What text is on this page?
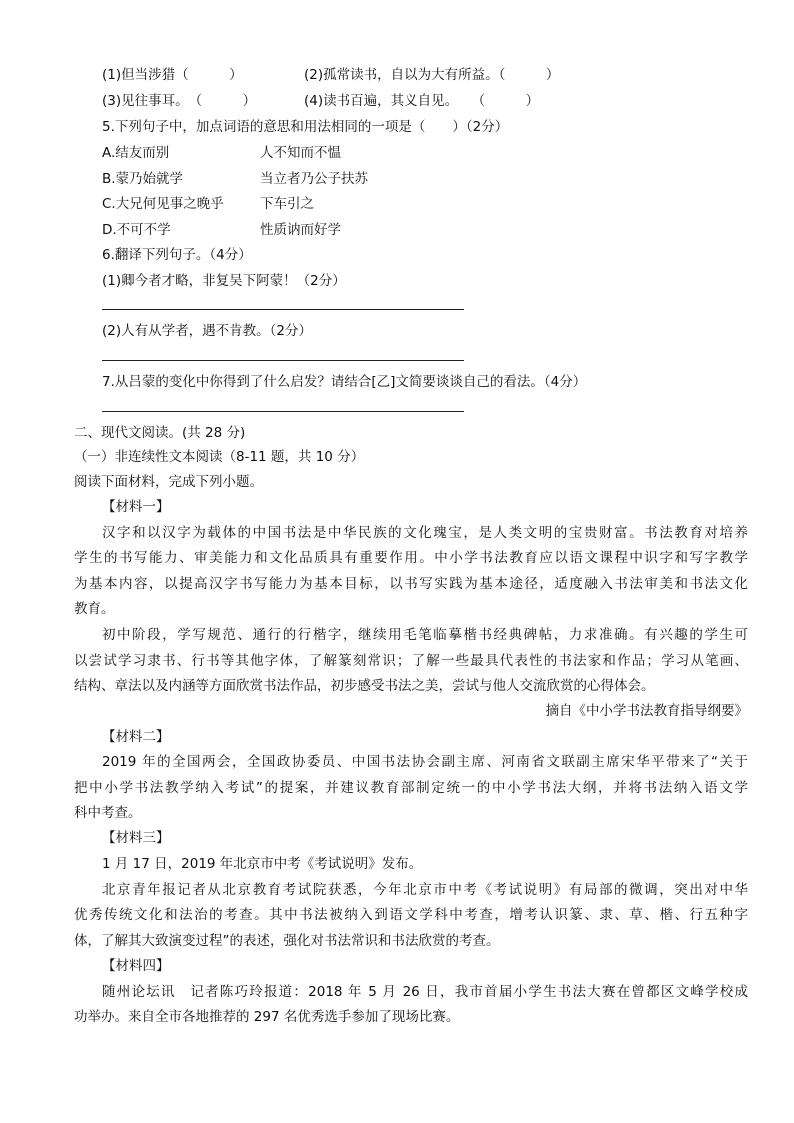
(1)但当涉猎（　　　）	(2)孤常读书，自以为大有所益。（　　　）
(3)见往事耳。　（　　　）	(4)读书百遍，其义自见。　　（　　　）
5.下列句子中，加点词语的意思和用法相同的一项是（　　）（2分）
A.结友而别	人不知而不愠
B.蒙乃始就学	当立者乃公子扶苏
C.大兄何见事之晚乎	下车引之
D.不可不学	性质讷而好学
6.翻译下列句子。（4分）
(1)卿今者才略，非复吴下阿蒙！（2分）
(2)人有从学者，遇不肯教。（2分）
7.从吕蒙的变化中你得到了什么启发？请结合[乙]文简要谈谈自己的看法。（4分）
二、现代文阅读。(共 28 分)
（一）非连续性文本阅读（8-11 题，共 10 分）
阅读下面材料，完成下列小题。
【材料一】
汉字和以汉字为载体的中国书法是中华民族的文化瑰宝，是人类文明的宝贵财富。书法教育对培养
学生的书写能力、审美能力和文化品质具有重要作用。中小学书法教育应以语文课程中识字和写字教学
为基本内容，以提高汉字书写能力为基本目标，以书写实践为基本途径，适度融入书法审美和书法文化
教育。
初中阶段，学写规范、通行的行楷字，继续用毛笔临摹楷书经典碑帖，力求准确。有兴趣的学生可
以尝试学习隶书、行书等其他字体，了解篆刻常识；了解一些最具代表性的书法家和作品；学习从笔画、
结构、章法以及内涵等方面欣赏书法作品，初步感受书法之美，尝试与他人交流欣赏的心得体会。
摘自《中小学书法教育指导纲要》
【材料二】
2019 年的全国两会，全国政协委员、中国书法协会副主席、河南省文联副主席宋华平带来了“关于
把中小学书法教学纳入考试”的提案，并建议教育部制定统一的中小学书法大纲，并将书法纳入语文学
科中考查。
【材料三】
1 月 17 日，2019 年北京市中考《考试说明》发布。
北京青年报记者从北京教育考试院获悉，今年北京市中考《考试说明》有局部的微调，突出对中华
优秀传统文化和法治的考查。其中书法被纳入到语文学科中考查，增考认识篆、隶、草、楷、行五种字
体，了解其大致演变过程”的表述，强化对书法常识和书法欣赏的考查。
【材料四】
随州论坛讯　记者陈巧玲报道：2018 年 5 月 26 日，我市首届小学生书法大赛在曾都区文峰学校成
功举办。来自全市各地推荐的 297 名优秀选手参加了现场比赛。
